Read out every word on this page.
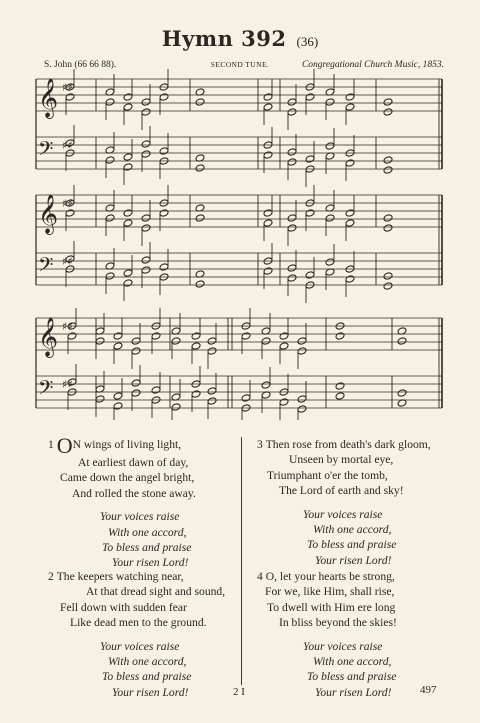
Hymn 392 (36)
S. John (66 66 88).	SECOND TUNE.	Congregational Church Music, 1853.
𝄞 ♯♯
𝄢 ♯♯
𝄞 ♯♯
𝄢 ♯♯
𝄞 ♯♯
𝄢 ♯♯
1 ON wings of living light,
At earliest dawn of day,
Came down the angel bright,
And rolled the stone away.
Your voices raise
With one accord,
To bless and praise
Your risen Lord!
2 The keepers watching near,
At that dread sight and sound,
Fell down with sudden fear
Like dead men to the ground.
Your voices raise
With one accord,
To bless and praise
Your risen Lord!
3 Then rose from death's dark gloom,
Unseen by mortal eye,
Triumphant o'er the tomb,
The Lord of earth and sky!
Your voices raise
With one accord,
To bless and praise
Your risen Lord!
4 O, let your hearts be strong,
For we, like Him, shall rise,
To dwell with Him ere long
In bliss beyond the skies!
Your voices raise
With one accord,
To bless and praise
Your risen Lord!
2 I	497
